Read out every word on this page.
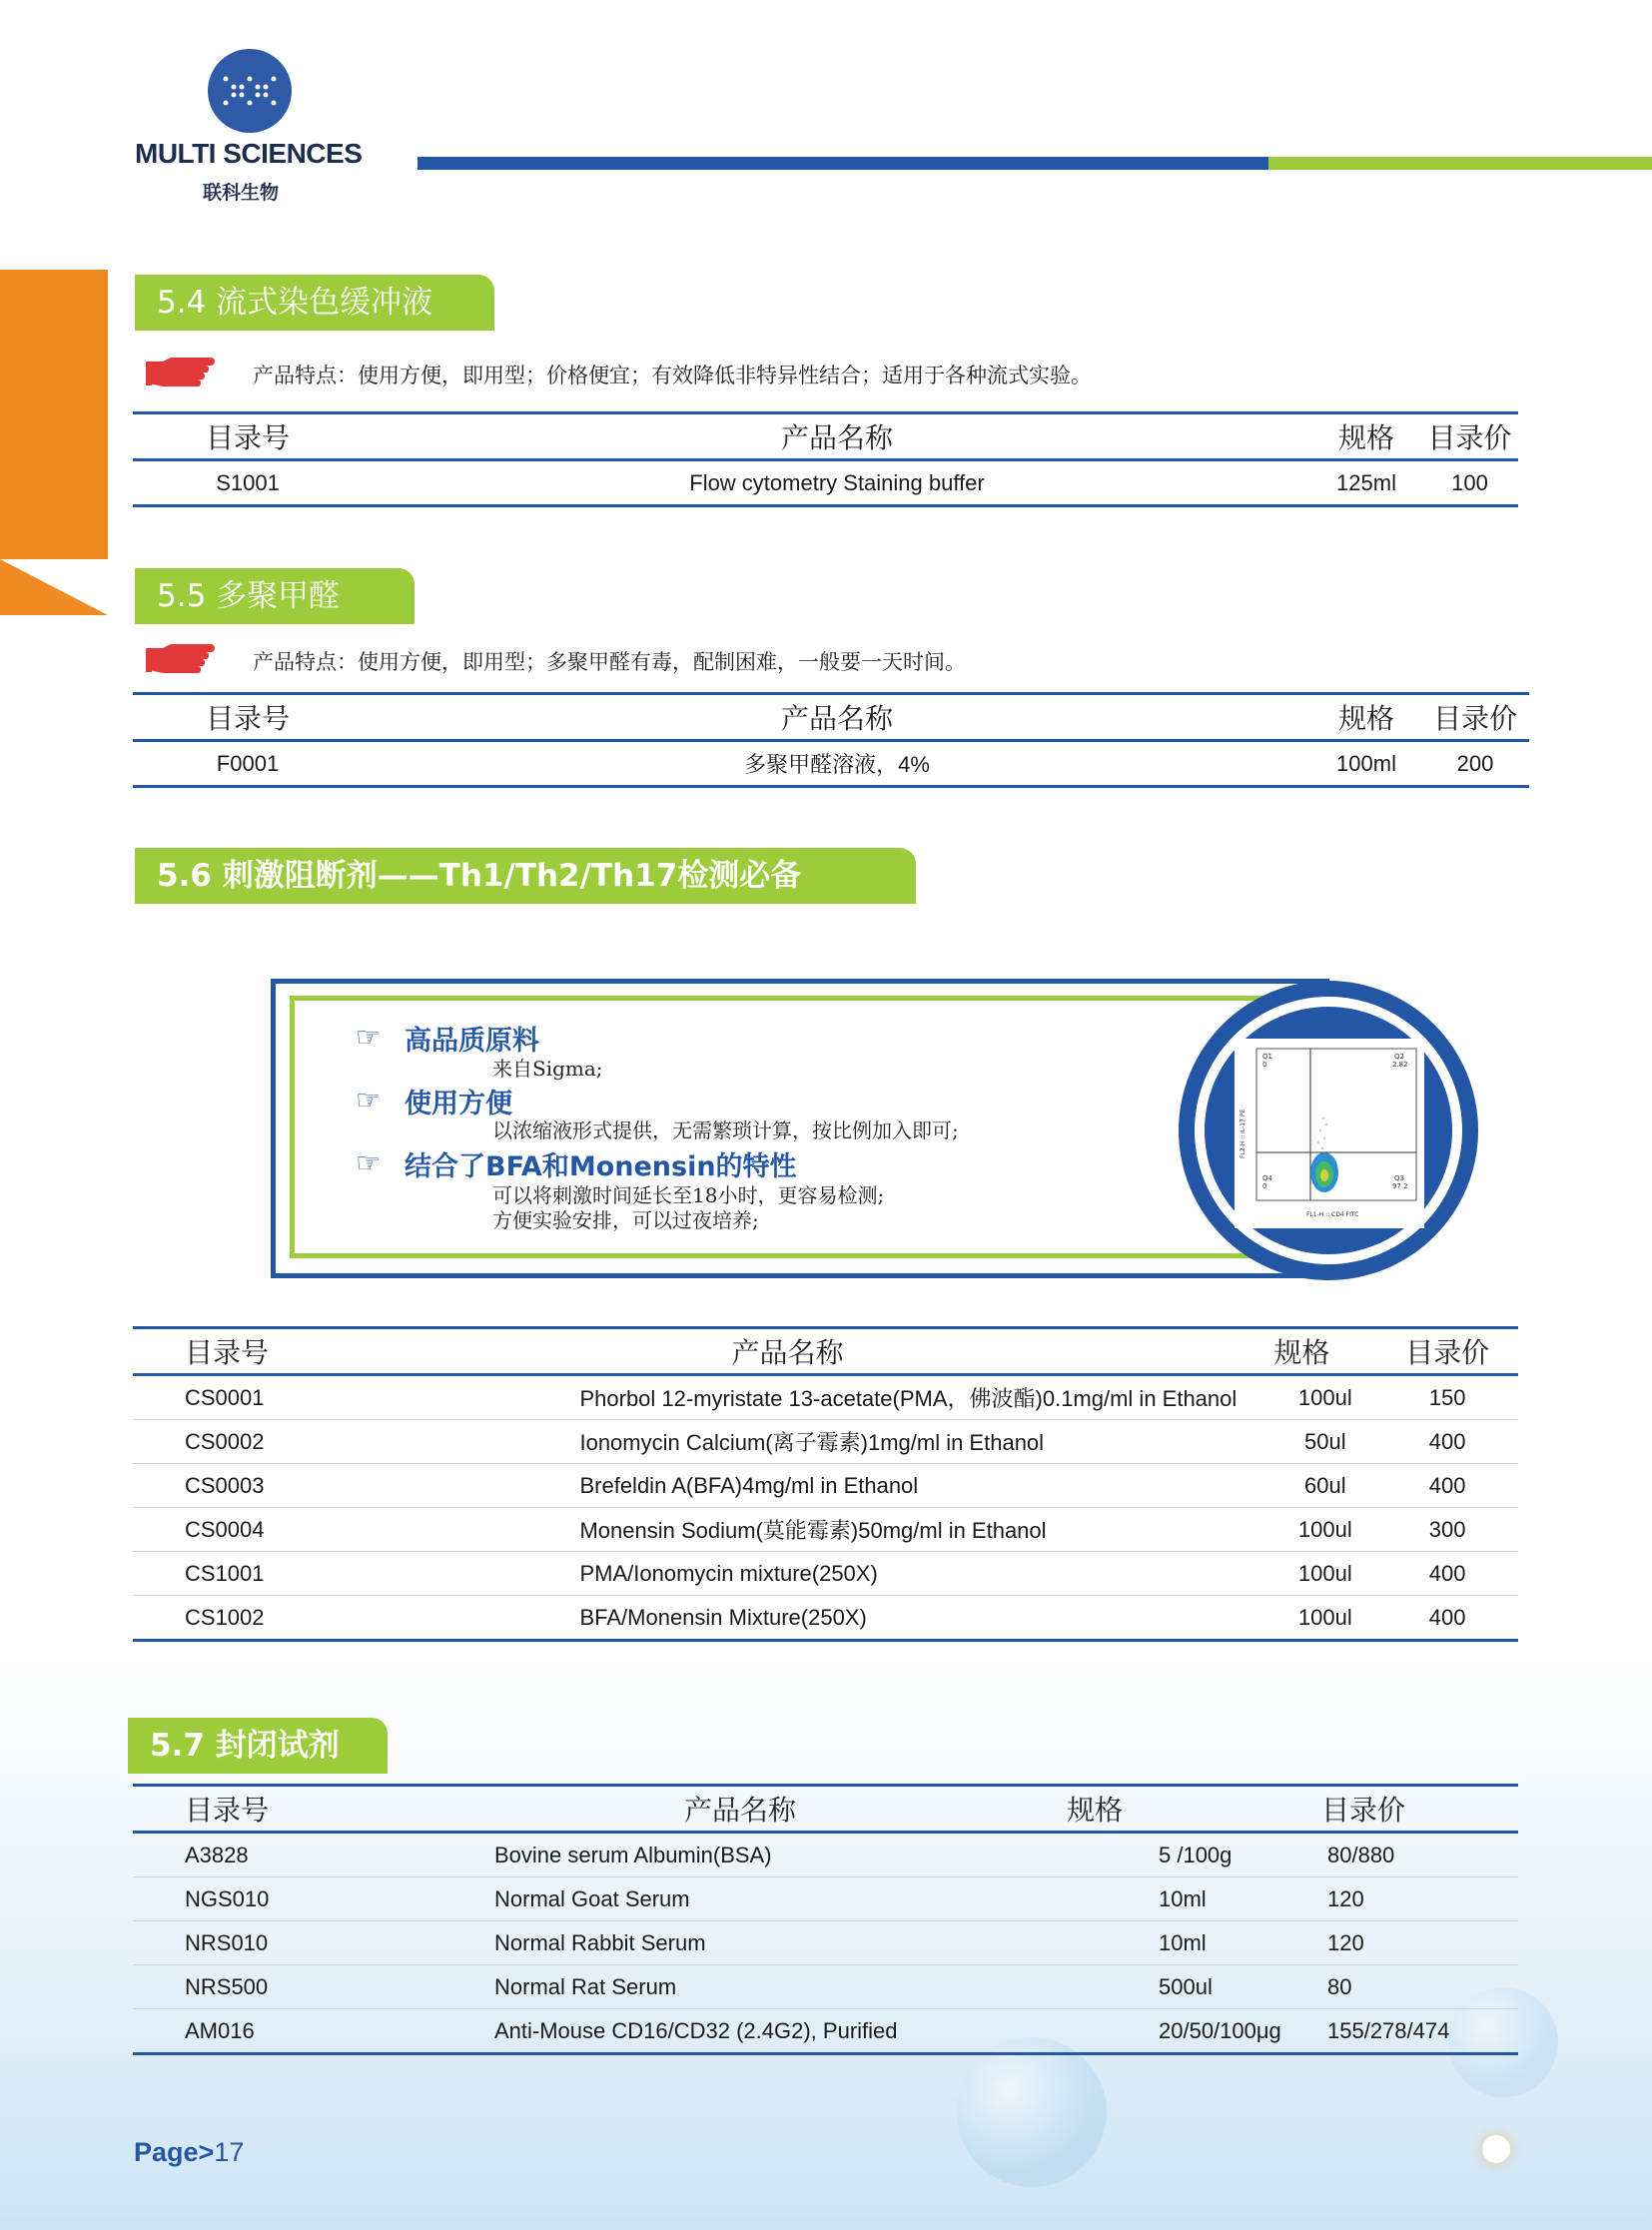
MULTI SCIENCES
联科生物
5.4 流式染色缓冲液
产品特点：使用方便，即用型；价格便宜；有效降低非特异性结合；适用于各种流式实验。
目录号	产品名称	规格	目录价
S1001	Flow cytometry Staining buffer	125ml	100
5.5 多聚甲醛
产品特点：使用方便，即用型；多聚甲醛有毒，配制困难，一般要一天时间。
目录号	产品名称	规格	目录价
F0001	多聚甲醛溶液，4%	100ml	200
5.6 刺激阻断剂——Th1/Th2/Th17检测必备
Q1
0
Q2
2.82
Q4
0
Q3
97.2
FL1-H :: CD4 FITC
FL2-H :: IL-17 PE
☞ 高品质原料
来自Sigma;
☞ 使用方便
以浓缩液形式提供，无需繁琐计算，按比例加入即可;
☞ 结合了BFA和Monensin的特性
可以将刺激时间延长至18小时，更容易检测;
方便实验安排，可以过夜培养;
目录号	产品名称	规格	目录价
CS0001	Phorbol 12-myristate 13-acetate(PMA，佛波酯)0.1mg/ml in Ethanol	100ul	150
CS0002	Ionomycin Calcium(离子霉素)1mg/ml in Ethanol	50ul	400
CS0003	Brefeldin A(BFA)4mg/ml in Ethanol	60ul	400
CS0004	Monensin Sodium(莫能霉素)50mg/ml in Ethanol	100ul	300
CS1001	PMA/Ionomycin mixture(250X)	100ul	400
CS1002	BFA/Monensin Mixture(250X)	100ul	400
5.7 封闭试剂
目录号	产品名称	规格	目录价
A3828	Bovine serum Albumin(BSA)	5 /100g	80/880
NGS010	Normal Goat Serum	10ml	120
NRS010	Normal Rabbit Serum	10ml	120
NRS500	Normal Rat Serum	500ul	80
AM016	Anti-Mouse CD16/CD32 (2.4G2), Purified	20/50/100μg	155/278/474
Page>17
